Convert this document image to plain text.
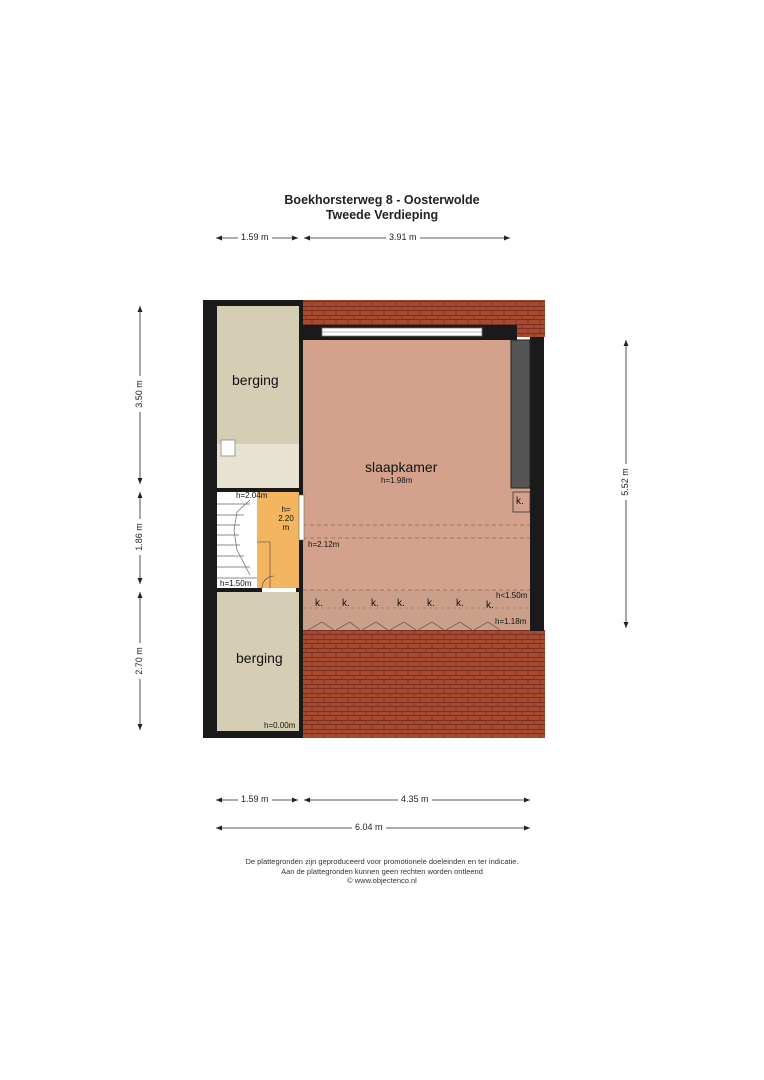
Boekhorsterweg 8 - Oosterwolde
Tweede Verdieping
1.59 m	3.91 m
1.59 m	4.35 m
6.04 m
3.50 m
1.86 m
2.70 m
5.52 m
berging
slaapkamer
h=1.98m
berging
k.
h=2.04m
h=
2.20
m
h=1.50m
h=2.12m
h<1.50m
h=1.18m
h=0.00m
k. k. k. k. k. k. k.
De plattegronden zijn geproduceerd voor promotionele doeleinden en ter indicatie.
Aan de plattegronden kunnen geen rechten worden ontleend
© www.objectenco.nl
